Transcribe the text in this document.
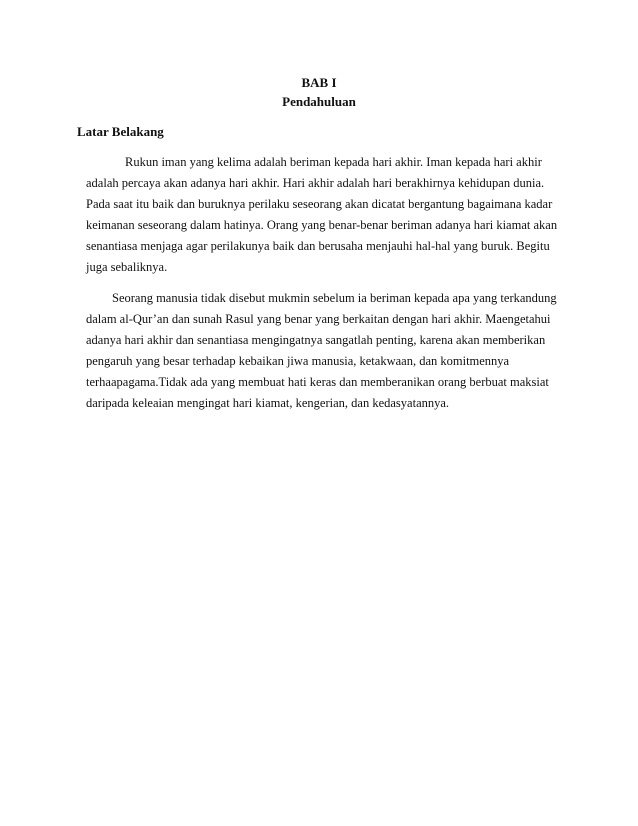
BAB I
Pendahuluan
Latar Belakang
Rukun iman yang kelima adalah beriman kepada hari akhir. Iman kepada hari akhir
adalah percaya akan adanya hari akhir. Hari akhir adalah hari berakhirnya kehidupan dunia.
Pada saat itu baik dan buruknya perilaku seseorang akan dicatat bergantung bagaimana kadar
keimanan seseorang dalam hatinya. Orang yang benar-benar beriman adanya hari kiamat akan
senantiasa menjaga agar perilakunya baik dan berusaha menjauhi hal-hal yang buruk. Begitu
juga sebaliknya.
Seorang manusia tidak disebut mukmin sebelum ia beriman kepada apa yang terkandung
dalam al-Qur’an dan sunah Rasul yang benar yang berkaitan dengan hari akhir. Maengetahui
adanya hari akhir dan senantiasa mengingatnya sangatlah penting, karena akan memberikan
pengaruh yang besar terhadap kebaikan jiwa manusia, ketakwaan, dan komitmennya
terhaapagama.Tidak ada yang membuat hati keras dan memberanikan orang berbuat maksiat
daripada keleaian mengingat hari kiamat, kengerian, dan kedasyatannya.
